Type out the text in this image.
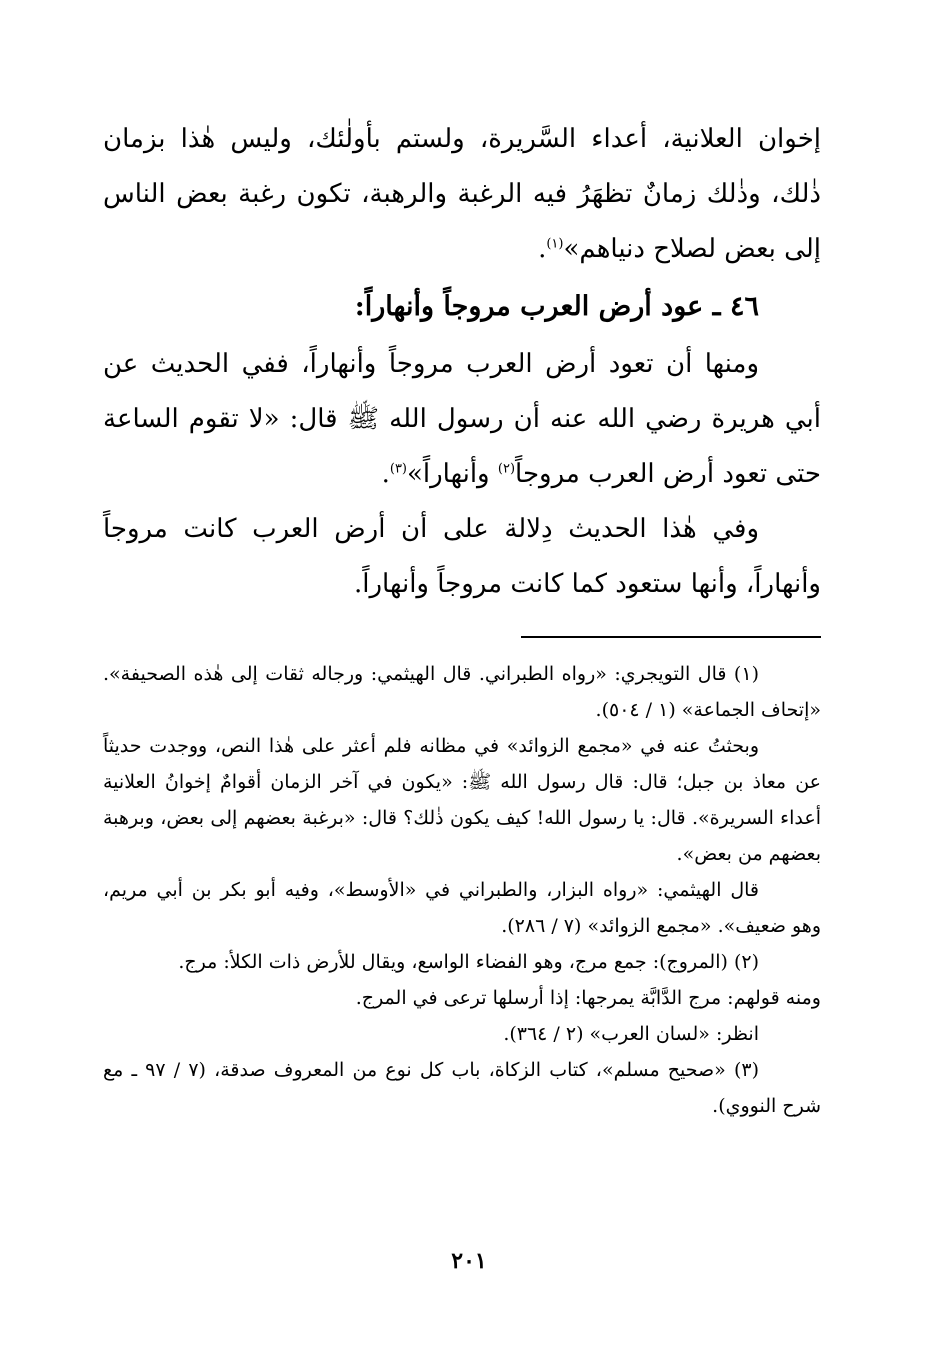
إخوان العلانية، أعداء السَّريرة، ولستم بأولٰئك، وليس هٰذا بزمان ذٰلك، وذٰلك زمانٌ تظهَرُ فيه الرغبة والرهبة، تكون رغبة بعض الناس إلى بعض لصلاح دنياهم»$^{(١)}$.

٤٦ ـ عود أرض العرب مروجاً وأنهاراً:

ومنها أن تعود أرض العرب مروجاً وأنهاراً، ففي الحديث عن أبي هريرة رضي الله عنه أن رسول الله ﷺ قال: «لا تقوم الساعة حتى تعود أرض العرب مروجاً$^{(٢)}$ وأنهاراً»$^{(٣)}$.

وفي هٰذا الحديث دِلالة على أن أرض العرب كانت مروجاً وأنهاراً، وأنها ستعود كما كانت مروجاً وأنهاراً.

(١) قال التويجري: «رواه الطبراني. قال الهيثمي: ورجاله ثقات إلى هٰذه الصحيفة». «إتحاف الجماعة» (١ / ٥٠٤).

وبحثتُ عنه في «مجمع الزوائد» في مظانه فلم أعثر على هٰذا النص، ووجدت حديثاً عن معاذ بن جبل؛ قال: قال رسول الله ﷺ: «يكون في آخر الزمان أقوامٌ إخوانُ العلانية أعداء السريرة». قال: يا رسول الله! كيف يكون ذٰلك؟ قال: «برغبة بعضهم إلى بعض، وبرهبة بعضهم من بعض».

قال الهيثمي: «رواه البزار، والطبراني في «الأوسط»، وفيه أبو بكر بن أبي مريم، وهو ضعيف». «مجمع الزوائد» (٧ / ٢٨٦).

(٢) (المروج): جمع مرج، وهو الفضاء الواسع، ويقال للأرض ذات الكلأ: مرج.

ومنه قولهم: مرج الدَّابَّة يمرجها: إذا أرسلها ترعى في المرج.

انظر: «لسان العرب» (٢ / ٣٦٤).

(٣) «صحيح مسلم»، كتاب الزكاة، باب كل نوع من المعروف صدقة، (٧ / ٩٧ ـ مع شرح النووي).

٢٠١
